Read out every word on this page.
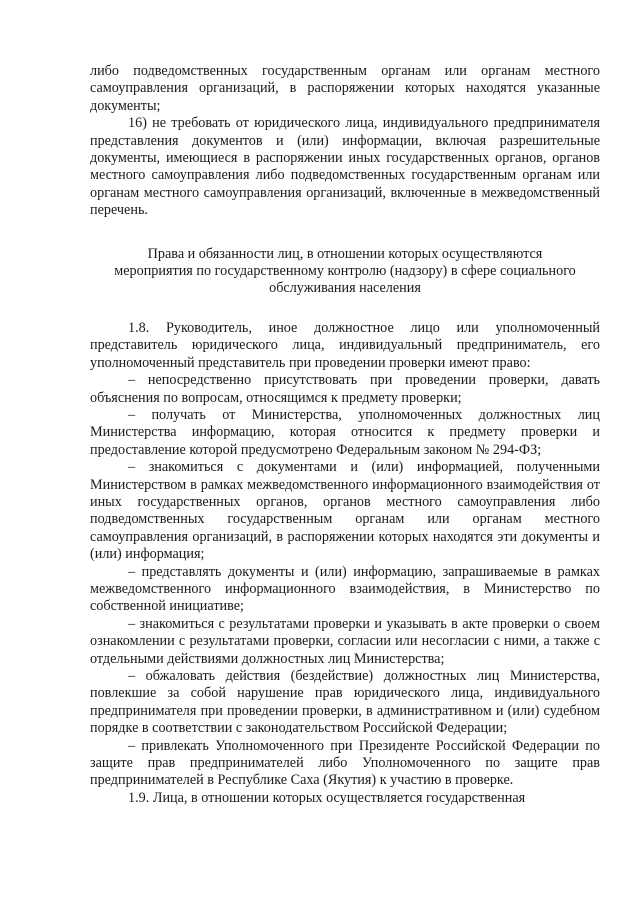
либо подведомственных государственным органам или органам местного самоуправления организаций, в распоряжении которых находятся указанные документы;

16) не требовать от юридического лица, индивидуального предпринимателя представления документов и (или) информации, включая разрешительные документы, имеющиеся в распоряжении иных государственных органов, органов местного самоуправления либо подведомственных государственным органам или органам местного самоуправления организаций, включенные в межведомственный перечень.

Права и обязанности лиц, в отношении которых осуществляются мероприятия по государственному контролю (надзору) в сфере социального обслуживания населения

1.8. Руководитель, иное должностное лицо или уполномоченный представитель юридического лица, индивидуальный предприниматель, его уполномоченный представитель при проведении проверки имеют право:

– непосредственно присутствовать при проведении проверки, давать объяснения по вопросам, относящимся к предмету проверки;

– получать от Министерства, уполномоченных должностных лиц Министерства информацию, которая относится к предмету проверки и предоставление которой предусмотрено Федеральным законом № 294-ФЗ;

– знакомиться с документами и (или) информацией, полученными Министерством в рамках межведомственного информационного взаимодействия от иных государственных органов, органов местного самоуправления либо подведомственных государственным органам или органам местного самоуправления организаций, в распоряжении которых находятся эти документы и (или) информация;

– представлять документы и (или) информацию, запрашиваемые в рамках межведомственного информационного взаимодействия, в Министерство по собственной инициативе;

– знакомиться с результатами проверки и указывать в акте проверки о своем ознакомлении с результатами проверки, согласии или несогласии с ними, а также с отдельными действиями должностных лиц Министерства;

– обжаловать действия (бездействие) должностных лиц Министерства, повлекшие за собой нарушение прав юридического лица, индивидуального предпринимателя при проведении проверки, в административном и (или) судебном порядке в соответствии с законодательством Российской Федерации;

– привлекать Уполномоченного при Президенте Российской Федерации по защите прав предпринимателей либо Уполномоченного по защите прав предпринимателей в Республике Саха (Якутия) к участию в проверке.

1.9. Лица, в отношении которых осуществляется государственная
